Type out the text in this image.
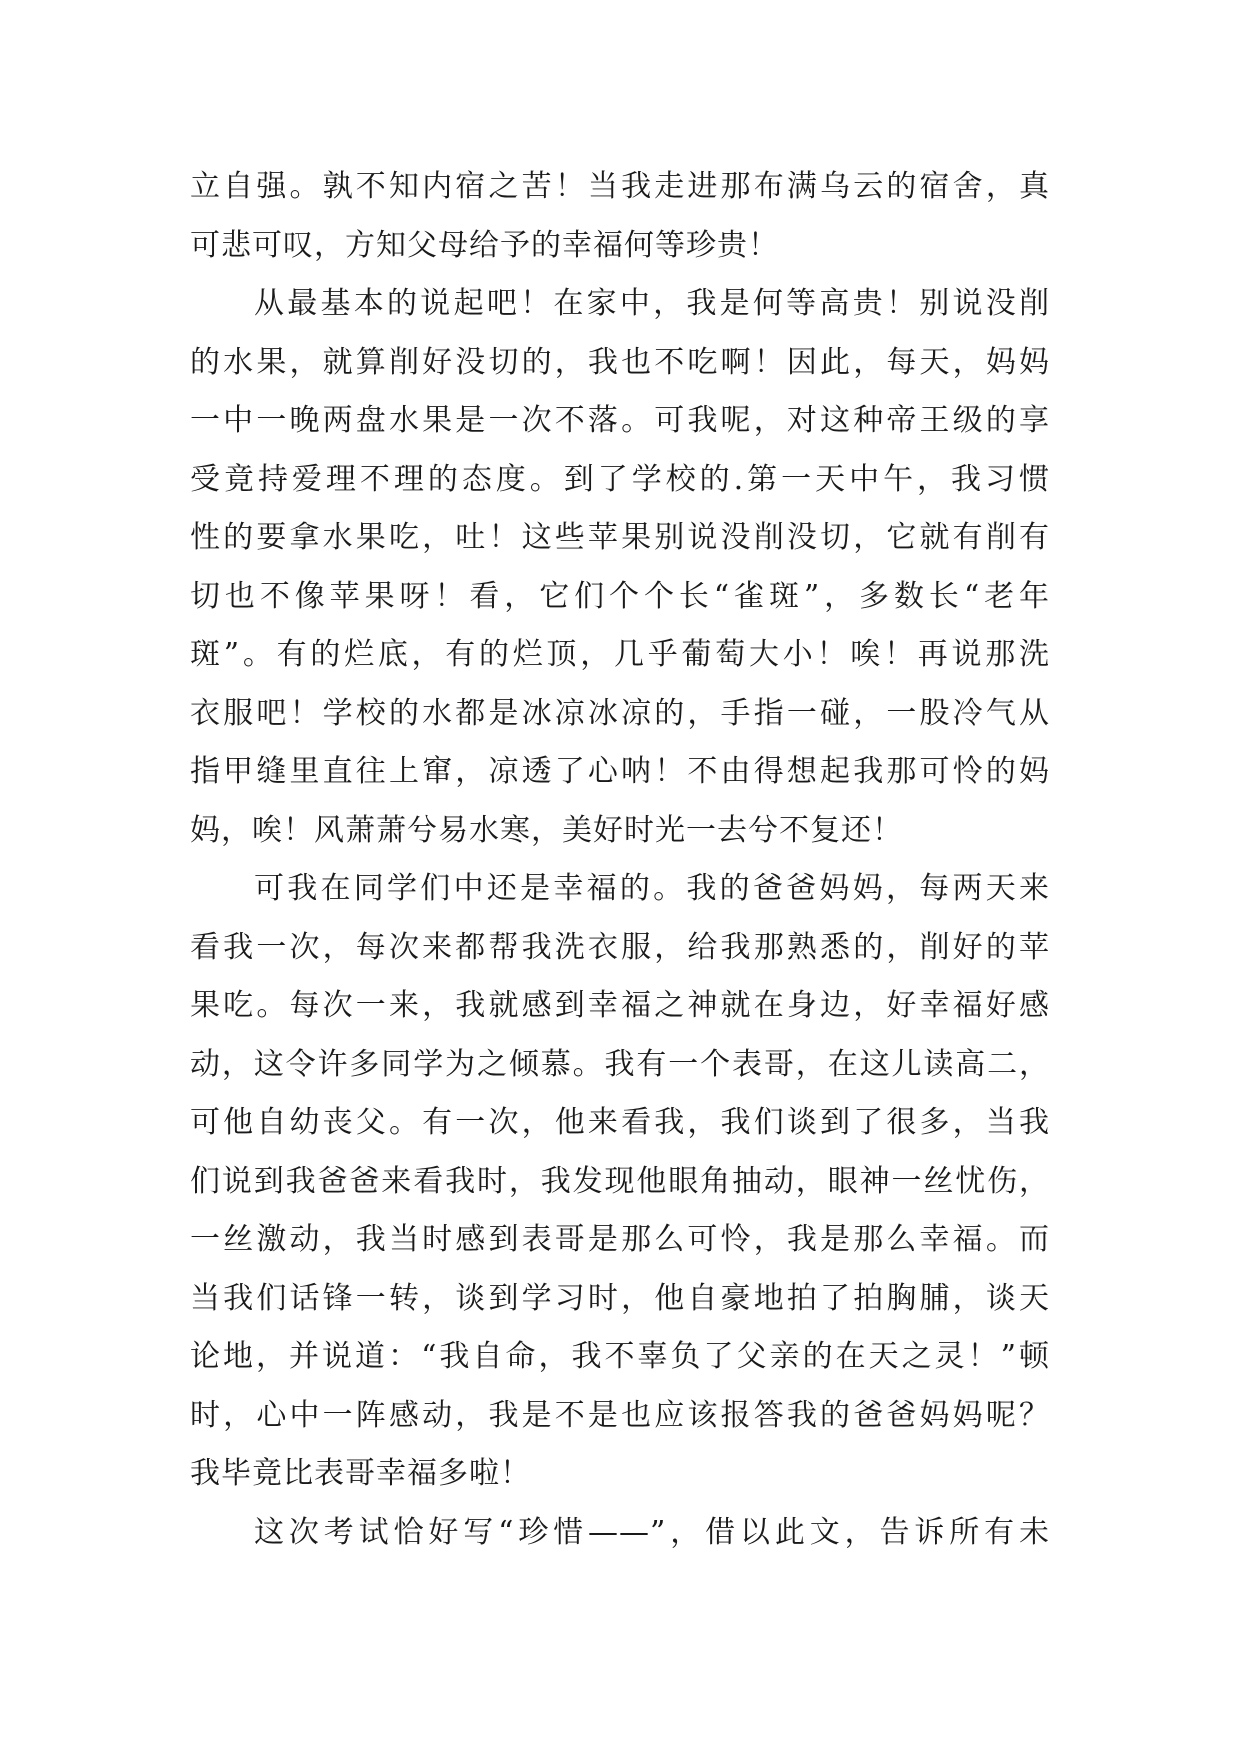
立自强。孰不知内宿之苦！当我走进那布满乌云的宿舍，真
可悲可叹，方知父母给予的幸福何等珍贵！
从最基本的说起吧！在家中，我是何等高贵！别说没削
的水果，就算削好没切的，我也不吃啊！因此，每天，妈妈
一中一晚两盘水果是一次不落。可我呢，对这种帝王级的享
受竟持爱理不理的态度。到了学校的.第一天中午，我习惯
性的要拿水果吃，吐！这些苹果别说没削没切，它就有削有
切也不像苹果呀！看，它们个个长“雀斑”，多数长“老年
斑”。有的烂底，有的烂顶，几乎葡萄大小！唉！再说那洗
衣服吧！学校的水都是冰凉冰凉的，手指一碰，一股冷气从
指甲缝里直往上窜，凉透了心呐！不由得想起我那可怜的妈
妈，唉！风萧萧兮易水寒，美好时光一去兮不复还！
可我在同学们中还是幸福的。我的爸爸妈妈，每两天来
看我一次，每次来都帮我洗衣服，给我那熟悉的，削好的苹
果吃。每次一来，我就感到幸福之神就在身边，好幸福好感
动，这令许多同学为之倾慕。我有一个表哥，在这儿读高二，
可他自幼丧父。有一次，他来看我，我们谈到了很多，当我
们说到我爸爸来看我时，我发现他眼角抽动，眼神一丝忧伤，
一丝激动，我当时感到表哥是那么可怜，我是那么幸福。而
当我们话锋一转，谈到学习时，他自豪地拍了拍胸脯，谈天
论地，并说道：“我自命，我不辜负了父亲的在天之灵！”顿
时，心中一阵感动，我是不是也应该报答我的爸爸妈妈呢？
我毕竟比表哥幸福多啦！
这次考试恰好写“珍惜——”，借以此文，告诉所有未
